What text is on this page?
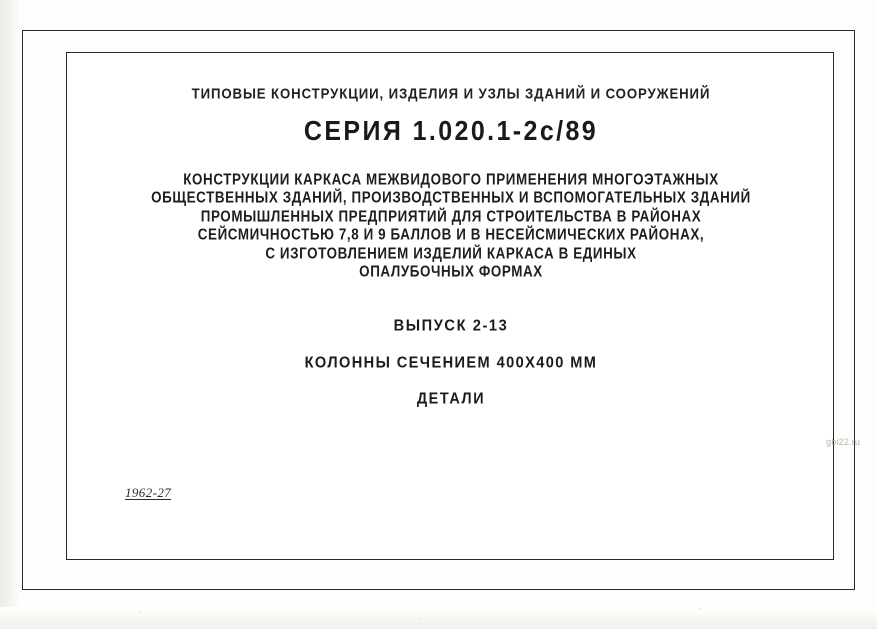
ТИПОВЫЕ КОНСТРУКЦИИ, ИЗДЕЛИЯ И УЗЛЫ ЗДАНИЙ И СООРУЖЕНИЙ
СЕРИЯ 1.020.1-2с/89
КОНСТРУКЦИИ КАРКАСА МЕЖВИДОВОГО ПРИМЕНЕНИЯ МНОГОЭТАЖНЫХ
ОБЩЕСТВЕННЫХ ЗДАНИЙ, ПРОИЗВОДСТВЕННЫХ И ВСПОМОГАТЕЛЬНЫХ ЗДАНИЙ
ПРОМЫШЛЕННЫХ ПРЕДПРИЯТИЙ ДЛЯ СТРОИТЕЛЬСТВА В РАЙОНАХ
СЕЙСМИЧНОСТЬЮ 7,8 И 9 БАЛЛОВ И В НЕСЕЙСМИЧЕСКИХ РАЙОНАХ,
С ИЗГОТОВЛЕНИЕМ ИЗДЕЛИЙ КАРКАСА В ЕДИНЫХ
ОПАЛУБОЧНЫХ ФОРМАХ
ВЫПУСК 2-13
КОЛОННЫ СЕЧЕНИЕМ 400Х400 ММ
ДЕТАЛИ
1962-27
gbi22.ru
